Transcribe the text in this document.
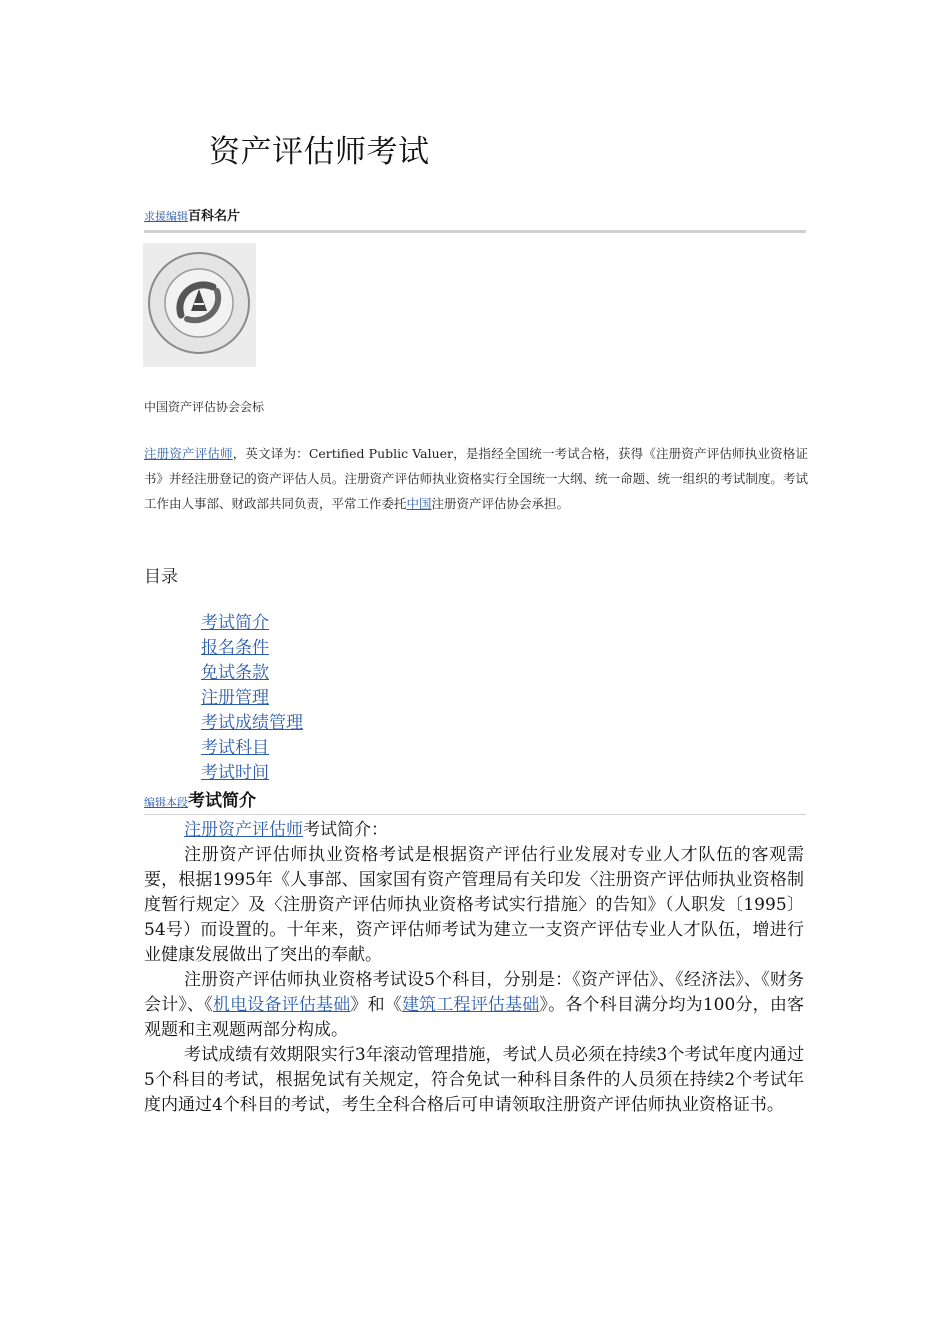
资产评估师考试
求援编辑百科名片
中国资产评估协会会标

注册资产评估师，英文译为：Certified Public Valuer，是指经全国统一考试合格，获得《注册资产评估师执业资格证书》并经注册登记的资产评估人员。注册资产评估师执业资格实行全国统一大纲、统一命题、统一组织的考试制度。考试工作由人事部、财政部共同负责，平常工作委托中国注册资产评估协会承担。

目录
考试简介
报名条件
免试条款
注册管理
考试成绩管理
考试科目
考试时间
编辑本段考试简介
注册资产评估师考试简介：
注册资产评估师执业资格考试是根据资产评估行业发展对专业人才队伍的客观需要，根据1995年《人事部、国家国有资产管理局有关印发〈注册资产评估师执业资格制度暂行规定〉及〈注册资产评估师执业资格考试实行措施〉的告知》（人职发〔1995〕54号）而设置的。十年来，资产评估师考试为建立一支资产评估专业人才队伍，增进行业健康发展做出了突出的奉献。
注册资产评估师执业资格考试设5个科目，分别是：《资产评估》、《经济法》、《财务会计》、《机电设备评估基础》和《建筑工程评估基础》。各个科目满分均为100分，由客观题和主观题两部分构成。
考试成绩有效期限实行3年滚动管理措施，考试人员必须在持续3个考试年度内通过5个科目的考试，根据免试有关规定，符合免试一种科目条件的人员须在持续2个考试年度内通过4个科目的考试，考生全科合格后可申请领取注册资产评估师执业资格证书。
